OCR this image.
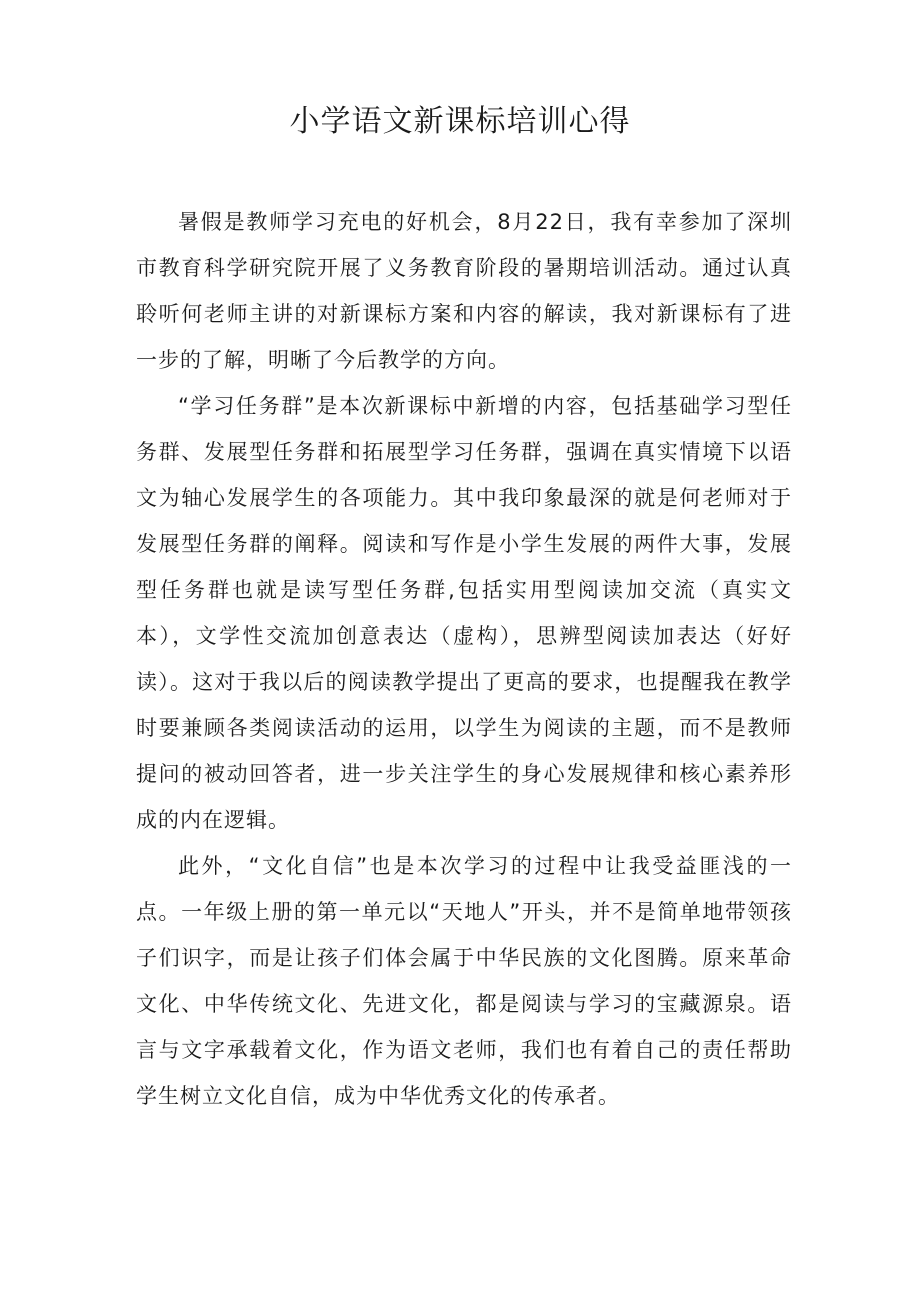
小学语文新课标培训心得

暑假是教师学习充电的好机会，8月22日，我有幸参加了深圳市教育科学研究院开展了义务教育阶段的暑期培训活动。通过认真聆听何老师主讲的对新课标方案和内容的解读，我对新课标有了进一步的了解，明晰了今后教学的方向。

“学习任务群”是本次新课标中新增的内容，包括基础学习型任务群、发展型任务群和拓展型学习任务群，强调在真实情境下以语文为轴心发展学生的各项能力。其中我印象最深的就是何老师对于发展型任务群的阐释。阅读和写作是小学生发展的两件大事，发展型任务群也就是读写型任务群,包括实用型阅读加交流（真实文本），文学性交流加创意表达（虚构），思辨型阅读加表达（好好读）。这对于我以后的阅读教学提出了更高的要求，也提醒我在教学时要兼顾各类阅读活动的运用，以学生为阅读的主题，而不是教师提问的被动回答者，进一步关注学生的身心发展规律和核心素养形成的内在逻辑。

此外，“文化自信”也是本次学习的过程中让我受益匪浅的一点。一年级上册的第一单元以“天地人”开头，并不是简单地带领孩子们识字，而是让孩子们体会属于中华民族的文化图腾。原来革命文化、中华传统文化、先进文化，都是阅读与学习的宝藏源泉。语言与文字承载着文化，作为语文老师，我们也有着自己的责任帮助学生树立文化自信，成为中华优秀文化的传承者。
